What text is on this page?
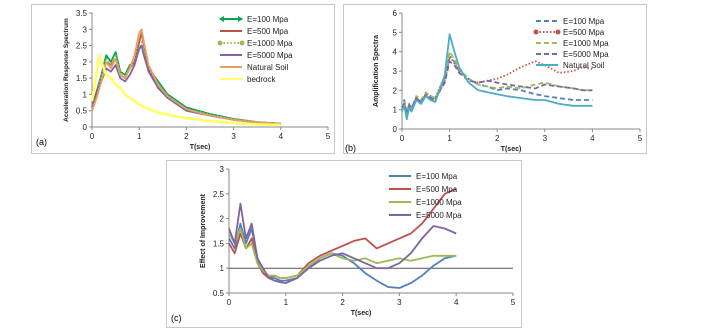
0
0.5
1
1.5
2
2.5
3
3.5
0	1	2	3	4	5
T(sec)
Acceleration Response Spectrum	E=100 Mpa
E=500 Mpa
E=1000 Mpa
E=5000 Mpa
Natural Soil
bedrock
(a)
0
1
2
3
4
5
6
0	1	2	3	4	5
T(sec)
Amplification Spectra
E=100 Mpa
E=500 Mpa
E=1000 Mpa
E=5000 Mpa
Natural Soil
(b)
0.5
1
1.5
2
2.5
3
0	1	2	3	4	5
T(sec)
Effect of Improvement
E=100 Mpa
E=500 Mpa
E=1000 Mpa
E=5000 Mpa
(c)
